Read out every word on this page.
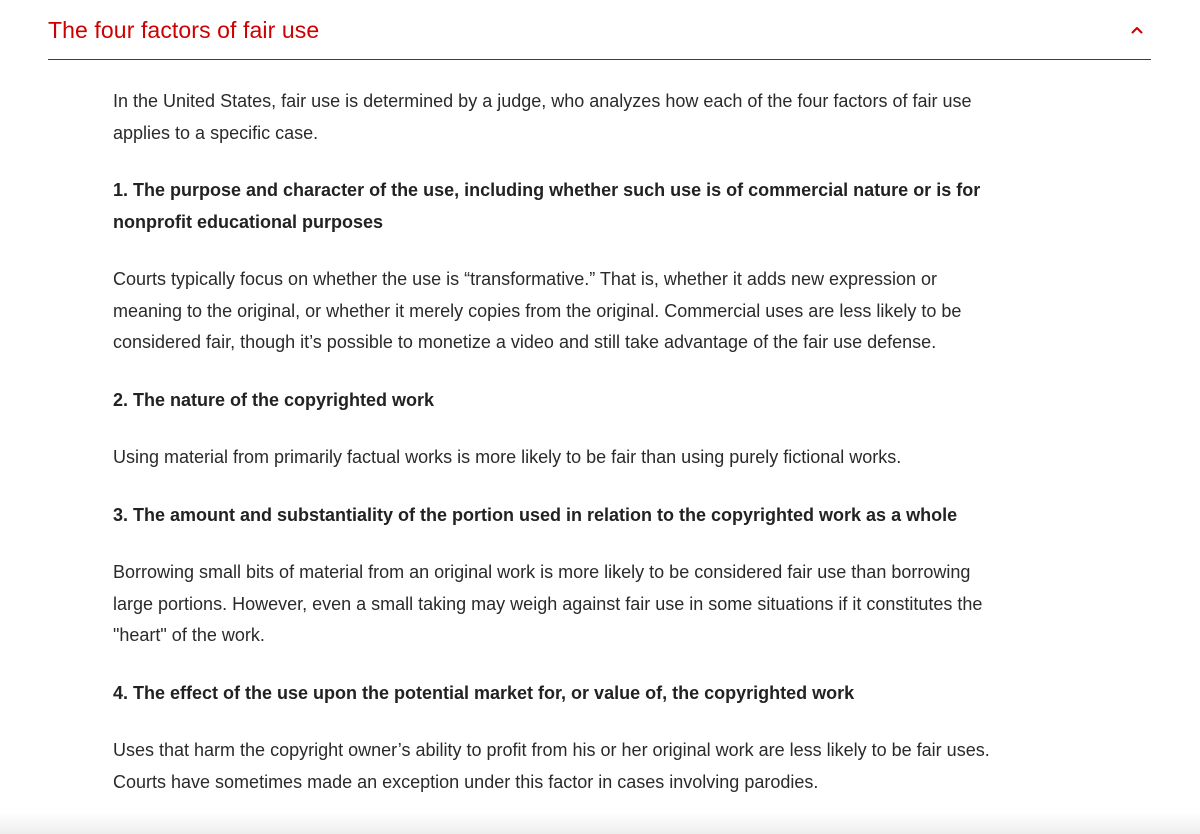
The four factors of fair use

In the United States, fair use is determined by a judge, who analyzes how each of the four factors of fair use applies to a specific case.

1. The purpose and character of the use, including whether such use is of commercial nature or is for nonprofit educational purposes

Courts typically focus on whether the use is “transformative.” That is, whether it adds new expression or meaning to the original, or whether it merely copies from the original. Commercial uses are less likely to be considered fair, though it’s possible to monetize a video and still take advantage of the fair use defense.

2. The nature of the copyrighted work

Using material from primarily factual works is more likely to be fair than using purely fictional works.

3. The amount and substantiality of the portion used in relation to the copyrighted work as a whole

Borrowing small bits of material from an original work is more likely to be considered fair use than borrowing large portions. However, even a small taking may weigh against fair use in some situations if it constitutes the "heart" of the work.

4. The effect of the use upon the potential market for, or value of, the copyrighted work

Uses that harm the copyright owner’s ability to profit from his or her original work are less likely to be fair uses. Courts have sometimes made an exception under this factor in cases involving parodies.
